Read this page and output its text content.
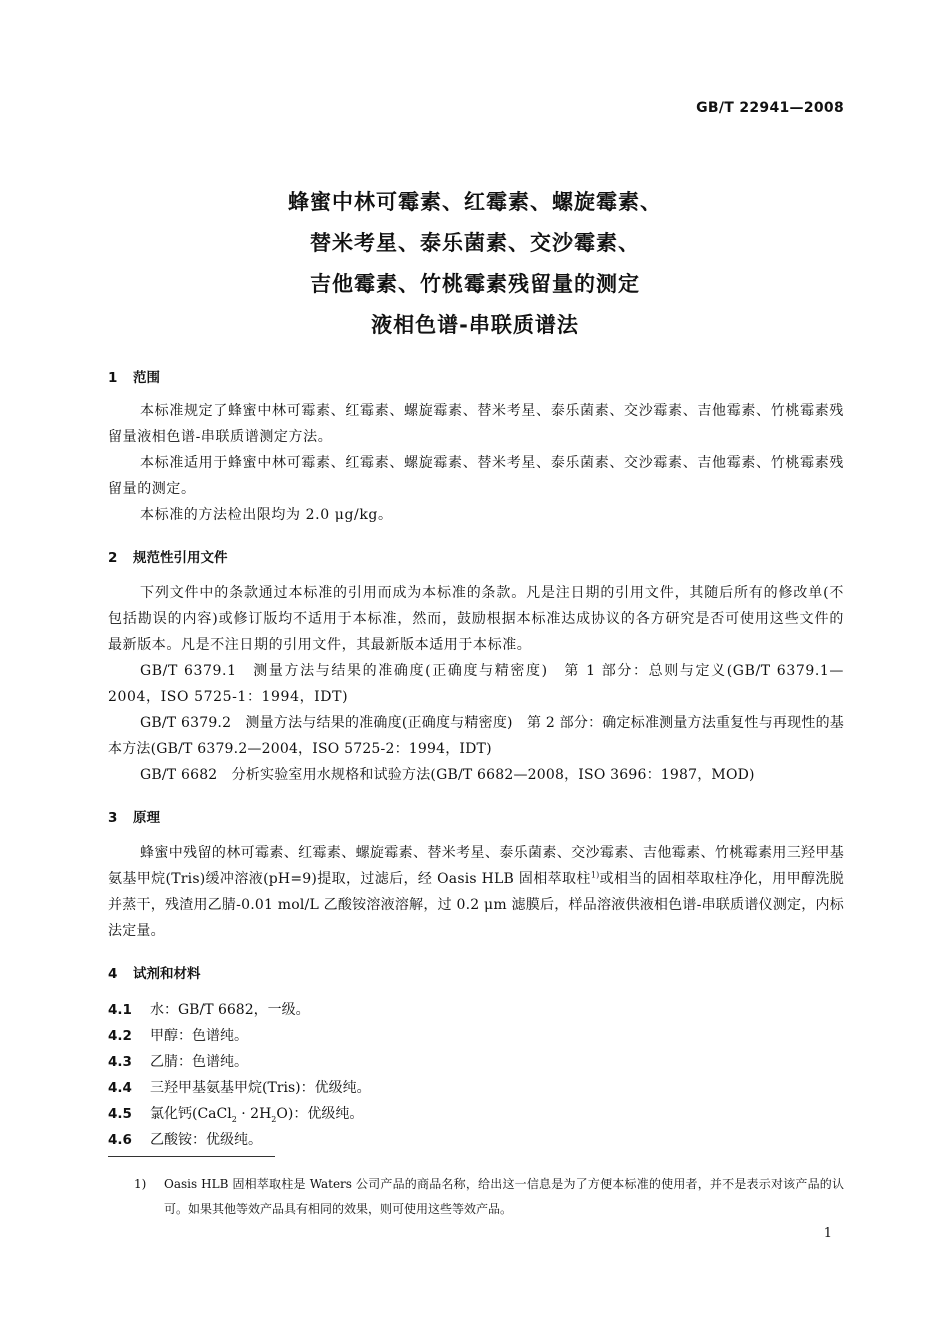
GB/T 22941—2008
蜂蜜中林可霉素、红霉素、螺旋霉素、
替米考星、泰乐菌素、交沙霉素、
吉他霉素、竹桃霉素残留量的测定
液相色谱-串联质谱法
1 范围
本标准规定了蜂蜜中林可霉素、红霉素、螺旋霉素、替米考星、泰乐菌素、交沙霉素、吉他霉素、竹桃霉素残留量液相色谱-串联质谱测定方法。
本标准适用于蜂蜜中林可霉素、红霉素、螺旋霉素、替米考星、泰乐菌素、交沙霉素、吉他霉素、竹桃霉素残留量的测定。
本标准的方法检出限均为 2.0 μg/kg。
2 规范性引用文件
下列文件中的条款通过本标准的引用而成为本标准的条款。凡是注日期的引用文件，其随后所有的修改单(不包括勘误的内容)或修订版均不适用于本标准，然而，鼓励根据本标准达成协议的各方研究是否可使用这些文件的最新版本。凡是不注日期的引用文件，其最新版本适用于本标准。
GB/T 6379.1　测量方法与结果的准确度(正确度与精密度)　第 1 部分：总则与定义(GB/T 6379.1—2004，ISO 5725-1：1994，IDT)
GB/T 6379.2　测量方法与结果的准确度(正确度与精密度)　第 2 部分：确定标准测量方法重复性与再现性的基本方法(GB/T 6379.2—2004，ISO 5725-2：1994，IDT)
GB/T 6682　分析实验室用水规格和试验方法(GB/T 6682—2008，ISO 3696：1987，MOD)
3 原理
蜂蜜中残留的林可霉素、红霉素、螺旋霉素、替米考星、泰乐菌素、交沙霉素、吉他霉素、竹桃霉素用三羟甲基氨基甲烷(Tris)缓冲溶液(pH=9)提取，过滤后，经 Oasis HLB 固相萃取柱$^{1)}$或相当的固相萃取柱净化，用甲醇洗脱并蒸干，残渣用乙腈-0.01 mol/L 乙酸铵溶液溶解，过 0.2 μm 滤膜后，样品溶液供液相色谱-串联质谱仪测定，内标法定量。
4 试剂和材料
4.1 水：GB/T 6682，一级。
4.2 甲醇：色谱纯。
4.3 乙腈：色谱纯。
4.4 三羟甲基氨基甲烷(Tris)：优级纯。
4.5 氯化钙(CaCl$_2$ · $2H_2O$)：优级纯。
4.6 乙酸铵：优级纯。
1) Oasis HLB 固相萃取柱是 Waters 公司产品的商品名称，给出这一信息是为了方便本标准的使用者，并不是表示对该产品的认可。如果其他等效产品具有相同的效果，则可使用这些等效产品。
1
